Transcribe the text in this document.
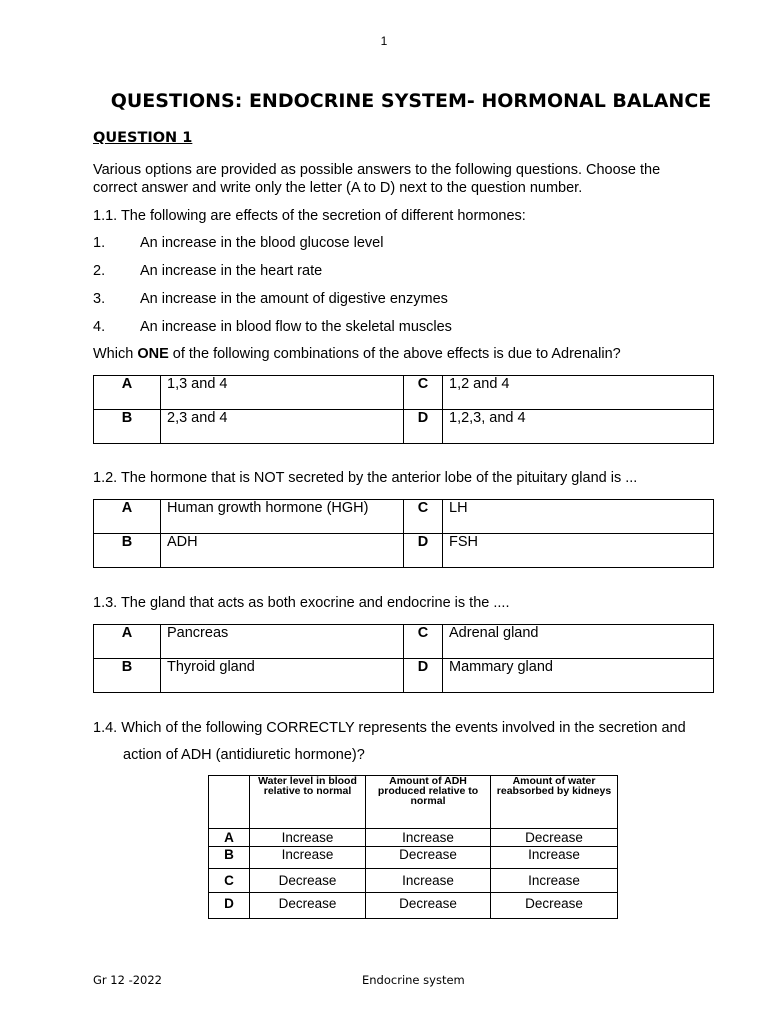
1
QUESTIONS: ENDOCRINE SYSTEM- HORMONAL BALANCE
QUESTION 1
Various options are provided as possible answers to the following questions. Choose the
correct answer and write only the letter (A to D) next to the question number.
1.1. The following are effects of the secretion of different hormones:
1. An increase in the blood glucose level
2. An increase in the heart rate
3. An increase in the amount of digestive enzymes
4. An increase in blood flow to the skeletal muscles
Which ONE of the following combinations of the above effects is due to Adrenalin?
A	1,3 and 4	C	1,2 and 4
B	2,3 and 4	D	1,2,3, and 4
1.2. The hormone that is NOT secreted by the anterior lobe of the pituitary gland is ...
A	Human growth hormone (HGH)	C	LH
B	ADH	D	FSH
1.3. The gland that acts as both exocrine and endocrine is the ....
A	Pancreas	C	Adrenal gland
B	Thyroid gland	D	Mammary gland
1.4. Which of the following CORRECTLY represents the events involved in the secretion and
action of ADH (antidiuretic hormone)?
	Water level in blood relative to normal	Amount of ADH produced relative to normal	Amount of water reabsorbed by kidneys
A	Increase	Increase	Decrease
B	Increase	Decrease	Increase
C	Decrease	Increase	Increase
D	Decrease	Decrease	Decrease
Gr 12 -2022	Endocrine system
